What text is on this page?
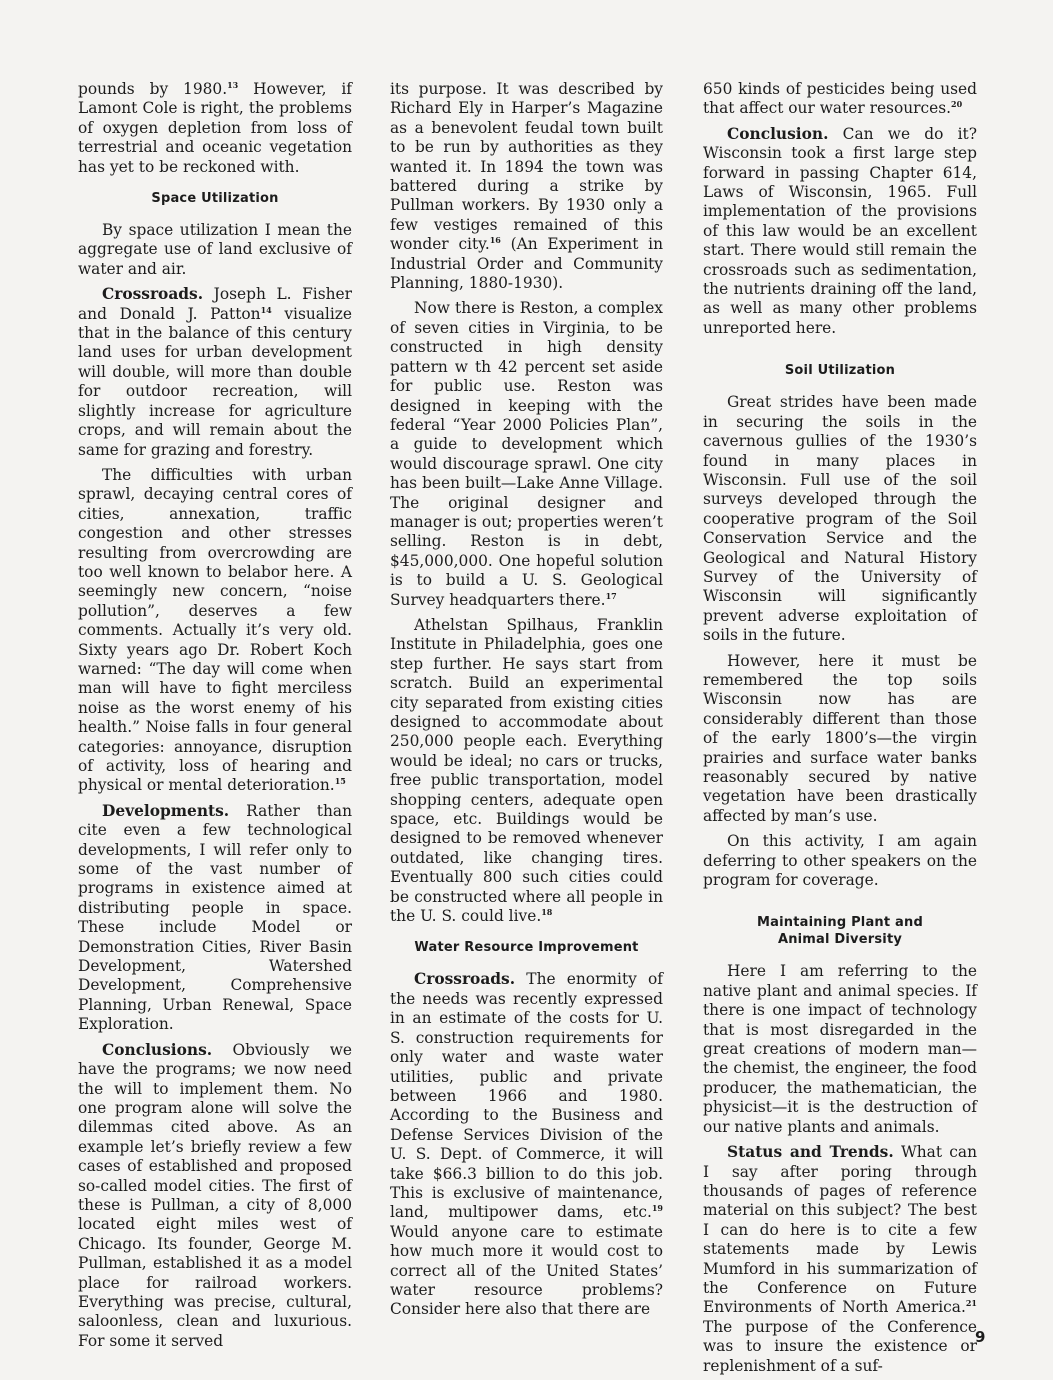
pounds by 1980.13 However, if Lamont Cole is right, the problems of oxygen depletion from loss of terrestrial and oceanic vegetation has yet to be reckoned with.

Space Utilization

By space utilization I mean the aggregate use of land exclusive of water and air.

Crossroads. Joseph L. Fisher and Donald J. Patton$^{14}$ visualize that in the balance of this century land uses for urban development will double, will more than double for outdoor recreation, will slightly increase for agriculture crops, and will remain about the same for grazing and forestry.

The difficulties with urban sprawl, decaying central cores of cities, annexation, traffic congestion and other stresses resulting from overcrowding are too well known to belabor here. A seemingly new concern, “noise pollution”, deserves a few comments. Actually it’s very old. Sixty years ago Dr. Robert Koch warned: “The day will come when man will have to fight merciless noise as the worst enemy of his health.” Noise falls in four general categories: annoyance, disruption of activity, loss of hearing and physical or mental deterioration.$^{15}$

Developments. Rather than cite even a few technological developments, I will refer only to some of the vast number of programs in existence aimed at distributing people in space. These include Model or Demonstration Cities, River Basin Development, Watershed Development, Comprehensive Planning, Urban Renewal, Space Exploration.

Conclusions. Obviously we have the programs; we now need the will to implement them. No one program alone will solve the dilemmas cited above. As an example let’s briefly review a few cases of established and proposed so-called model cities. The first of these is Pullman, a city of 8,000 located eight miles west of Chicago. Its founder, George M. Pullman, established it as a model place for railroad workers. Everything was precise, cultural, saloonless, clean and luxurious. For some it served

its purpose. It was described by Richard Ely in Harper’s Magazine as a benevolent feudal town built to be run by authorities as they wanted it. In 1894 the town was battered during a strike by Pullman workers. By 1930 only a few vestiges remained of this wonder city.$^{16}$ (An Experiment in Industrial Order and Community Planning, 1880-1930).

Now there is Reston, a complex of seven cities in Virginia, to be constructed in high density pattern w th 42 percent set aside for public use. Reston was designed in keeping with the federal “Year 2000 Policies Plan”, a guide to development which would discourage sprawl. One city has been built—Lake Anne Village. The original designer and manager is out; properties weren’t selling. Reston is in debt, $45,000,000. One hopeful solution is to build a U. S. Geological Survey headquarters there.$^{17}$

Athelstan Spilhaus, Franklin Institute in Philadelphia, goes one step further. He says start from scratch. Build an experimental city separated from existing cities designed to accommodate about 250,000 people each. Everything would be ideal; no cars or trucks, free public transportation, model shopping centers, adequate open space, etc. Buildings would be designed to be removed whenever outdated, like changing tires. Eventually 800 such cities could be constructed where all people in the U. S. could live.$^{18}$

Water Resource Improvement

Crossroads. The enormity of the needs was recently expressed in an estimate of the costs for U. S. construction requirements for only water and waste water utilities, public and private between 1966 and 1980. According to the Business and Defense Services Division of the U. S. Dept. of Commerce, it will take $66.3 billion to do this job. This is exclusive of maintenance, land, multipower dams, etc.$^{19}$ Would anyone care to estimate how much more it would cost to correct all of the United States’ water resource problems? Consider here also that there are

650 kinds of pesticides being used that affect our water resources.$^{20}$

Conclusion. Can we do it? Wisconsin took a first large step forward in passing Chapter 614, Laws of Wisconsin, 1965. Full implementation of the provisions of this law would be an excellent start. There would still remain the crossroads such as sedimentation, the nutrients draining off the land, as well as many other problems unreported here.

Soil Utilization

Great strides have been made in securing the soils in the cavernous gullies of the 1930’s found in many places in Wisconsin. Full use of the soil surveys developed through the cooperative program of the Soil Conservation Service and the Geological and Natural History Survey of the University of Wisconsin will significantly prevent adverse exploitation of soils in the future.

However, here it must be remembered the top soils Wisconsin now has are considerably different than those of the early 1800’s—the virgin prairies and surface water banks reasonably secured by native vegetation have been drastically affected by man’s use.

On this activity, I am again deferring to other speakers on the program for coverage.

Maintaining Plant and
Animal Diversity

Here I am referring to the native plant and animal species. If there is one impact of technology that is most disregarded in the great creations of modern man—the chemist, the engineer, the food producer, the mathematician, the physicist—it is the destruction of our native plants and animals.

Status and Trends. What can I say after poring through thousands of pages of reference material on this subject? The best I can do here is to cite a few statements made by Lewis Mumford in his summarization of the Conference on Future Environments of North America.$^{21}$ The purpose of the Conference was to insure the existence or replenishment of a suf-

9
